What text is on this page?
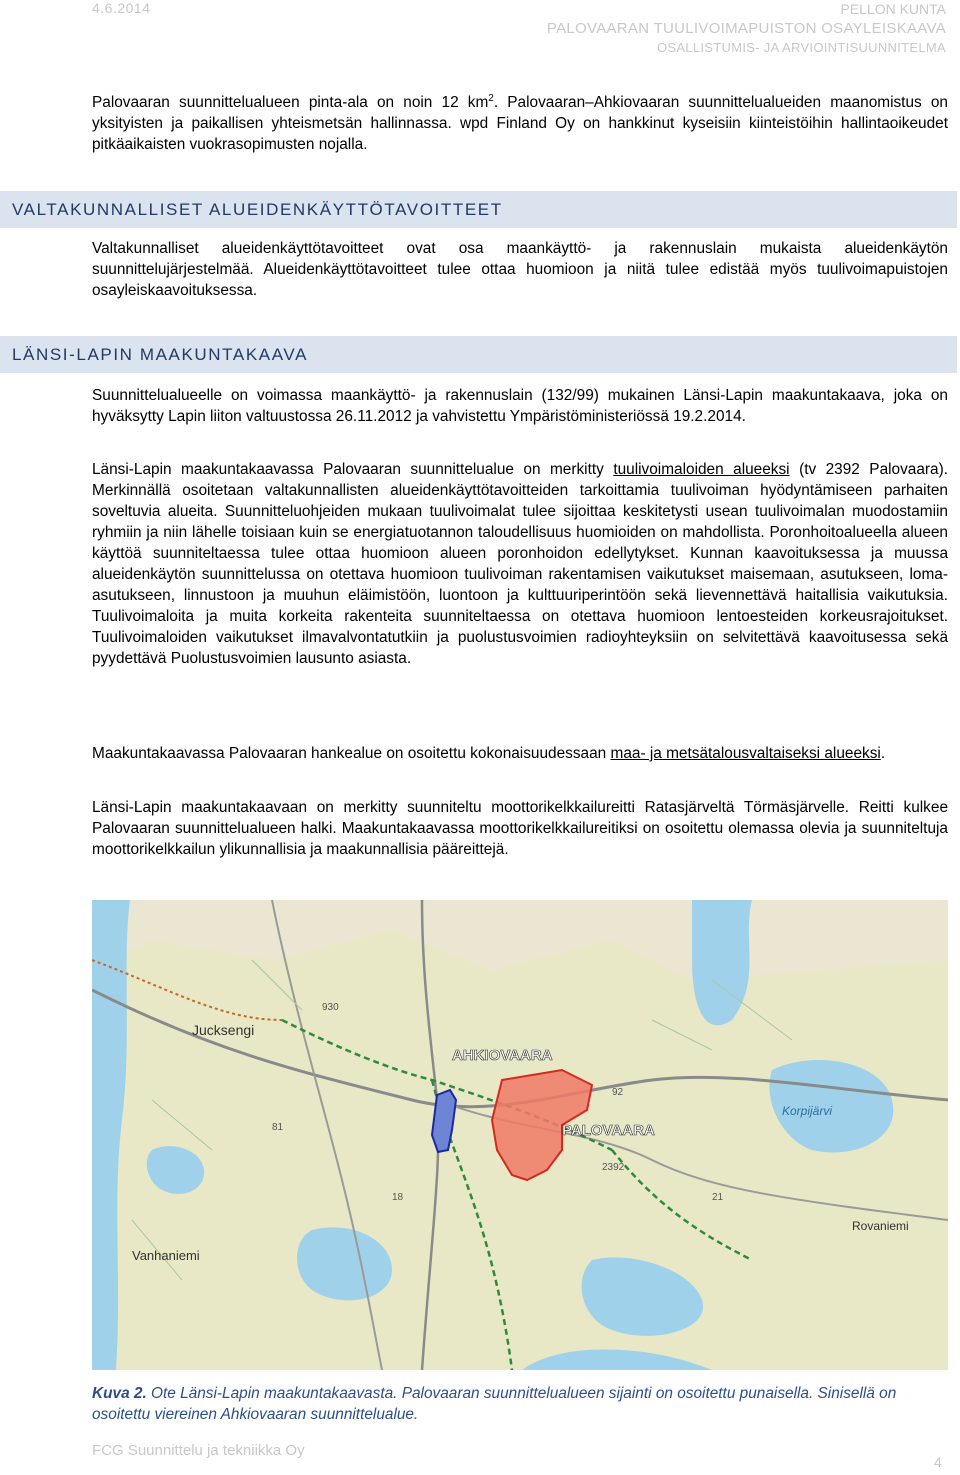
4.6.2014	PELLON KUNTA
PALOVAARAN TUULIVOIMAPUISTON OSAYLEISKAAVA
OSALLISTUMIS- JA ARVIOINTISUUNNITELMA

Palovaaran suunnittelualueen pinta-ala on noin 12 $km^2$. Palovaaran–Ahkiovaaran suunnittelualueiden maanomistus on yksityisten ja paikallisen yhteismetsän hallinnassa. wpd Finland Oy on hankkinut kyseisiin kiinteistöihin hallintaoikeudet pitkäaikaisten vuokrasopimusten nojalla.

VALTAKUNNALLISET ALUEIDENKÄYTTÖTAVOITTEET

Valtakunnalliset alueidenkäyttötavoitteet ovat osa maankäyttö- ja rakennuslain mukaista alueidenkäytön suunnittelujärjestelmää. Alueidenkäyttötavoitteet tulee ottaa huomioon ja niitä tulee edistää myös tuulivoimapuistojen osayleiskaavoituksessa.

LÄNSI-LAPIN MAAKUNTAKAAVA

Suunnittelualueelle on voimassa maankäyttö- ja rakennuslain (132/99) mukainen Länsi-Lapin maakuntakaava, joka on hyväksytty Lapin liiton valtuustossa 26.11.2012 ja vahvistettu Ympäristöministeriössä 19.2.2014.

Länsi-Lapin maakuntakaavassa Palovaaran suunnittelualue on merkitty tuulivoimaloiden alueeksi (tv 2392 Palovaara). Merkinnällä osoitetaan valtakunnallisten alueidenkäyttötavoitteiden tarkoittamia tuulivoiman hyödyntämiseen parhaiten soveltuvia alueita. Suunnitteluohjeiden mukaan tuulivoimalat tulee sijoittaa keskitetysti usean tuulivoimalan muodostamiin ryhmiin ja niin lähelle toisiaan kuin se energiatuotannon taloudellisuus huomioiden on mahdollista. Poronhoitoalueella alueen käyttöä suunniteltaessa tulee ottaa huomioon alueen poronhoidon edellytykset. Kunnan kaavoituksessa ja muussa alueidenkäytön suunnittelussa on otettava huomioon tuulivoiman rakentamisen vaikutukset maisemaan, asutukseen, loma-asutukseen, linnustoon ja muuhun eläimistöön, luontoon ja kulttuuriperintöön sekä lievennettävä haitallisia vaikutuksia. Tuulivoimaloita ja muita korkeita rakenteita suunniteltaessa on otettava huomioon lentoesteiden korkeusrajoitukset. Tuulivoimaloiden vaikutukset ilmavalvontatutkiin ja puolustusvoimien radioyhteyksiin on selvitettävä kaavoitusessa sekä pyydettävä Puolustusvoimien lausunto asiasta.

Maakuntakaavassa Palovaaran hankealue on osoitettu kokonaisuudessaan maa- ja metsätalousvaltaiseksi alueeksi.

Länsi-Lapin maakuntakaavaan on merkitty suunniteltu moottorikelkkailureitti Ratasjärveltä Törmäsjärvelle. Reitti kulkee Palovaaran suunnittelualueen halki. Maakuntakaavassa moottorikelkkailureitiksi on osoitettu olemassa olevia ja suunniteltuja moottorikelkkailun ylikunnallisia ja maakunnallisia pääreittejä.

AHKIOVAARA
PALOVAARA
Jucksengi
Vanhaniemi
Korpijärvi
Rovaniemi
930
92
18
2392
21
81
Kuva 2. Ote Länsi-Lapin maakuntakaavasta. Palovaaran suunnittelualueen sijainti on osoitettu punaisella. Sinisellä on osoitettu viereinen Ahkiovaaran suunnittelualue.
FCG Suunnittelu ja tekniikka Oy
4
